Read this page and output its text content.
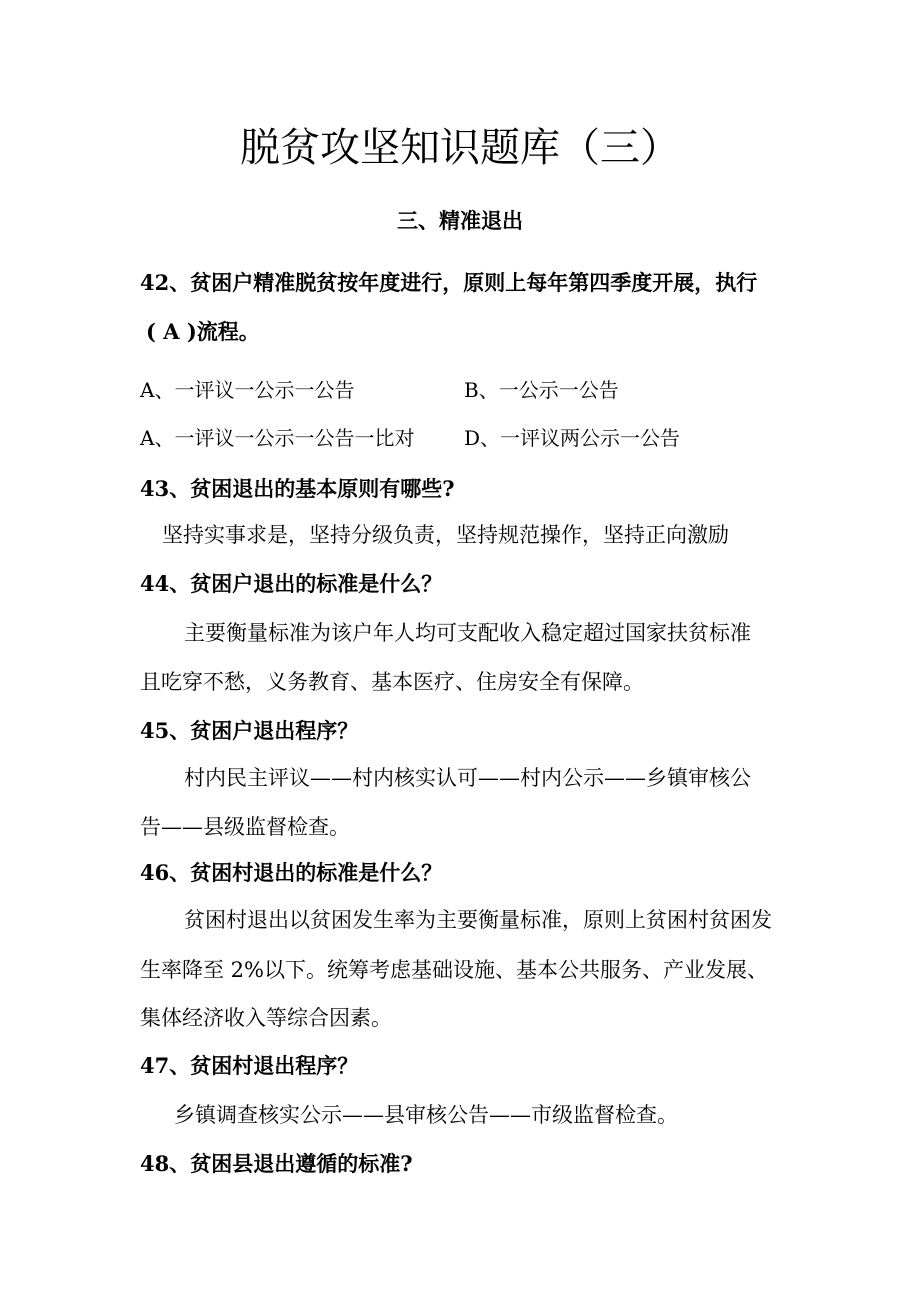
脱贫攻坚知识题库（三）
三、精准退出
42、贫困户精准脱贫按年度进行，原则上每年第四季度开展，执行
( A )流程。
A、一评议一公示一公告	B、一公示一公告
A、一评议一公示一公告一比对 D、一评议两公示一公告
43、贫困退出的基本原则有哪些?
坚持实事求是，坚持分级负责，坚持规范操作，坚持正向激励
44、贫困户退出的标准是什么？
主要衡量标准为该户年人均可支配收入稳定超过国家扶贫标准
且吃穿不愁，义务教育、基本医疗、住房安全有保障。
45、贫困户退出程序？
村内民主评议——村内核实认可——村内公示——乡镇审核公
告——县级监督检查。
46、贫困村退出的标准是什么？
贫困村退出以贫困发生率为主要衡量标准，原则上贫困村贫困发
生率降至 2%以下。统筹考虑基础设施、基本公共服务、产业发展、
集体经济收入等综合因素。
47、贫困村退出程序？
乡镇调查核实公示——县审核公告——市级监督检查。
48、贫困县退出遵循的标准?
